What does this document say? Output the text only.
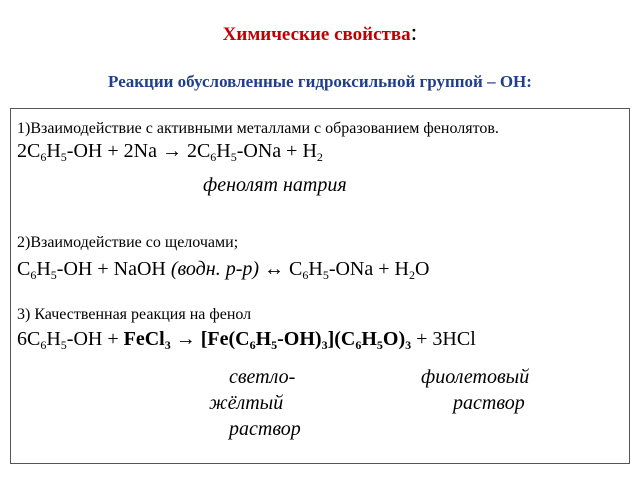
Химические свойства:
Реакции обусловленные гидроксильной группой – ОН:
1)Взаимодействие с активными металлами с образованием фенолятов.
$2C_6H_5-OH + 2Na \to 2C_6H_5-ONa + H_2$
фенолят натрия
2)Взаимодействие со щелочами;
$C_6H_5-OH$ + NaOH (водн. р-р) ↔ $C_6H_5$-ONa + $H_2O$
3) Качественная реакция на фенол
$6C_6H_5-OH$ + FeCl$_3$ → $[Fe(C_6H_5-OH)_3](C_6H_5O)_3 + 3HCl$
светло-
жёлтый
раствор
фиолетовый
раствор
